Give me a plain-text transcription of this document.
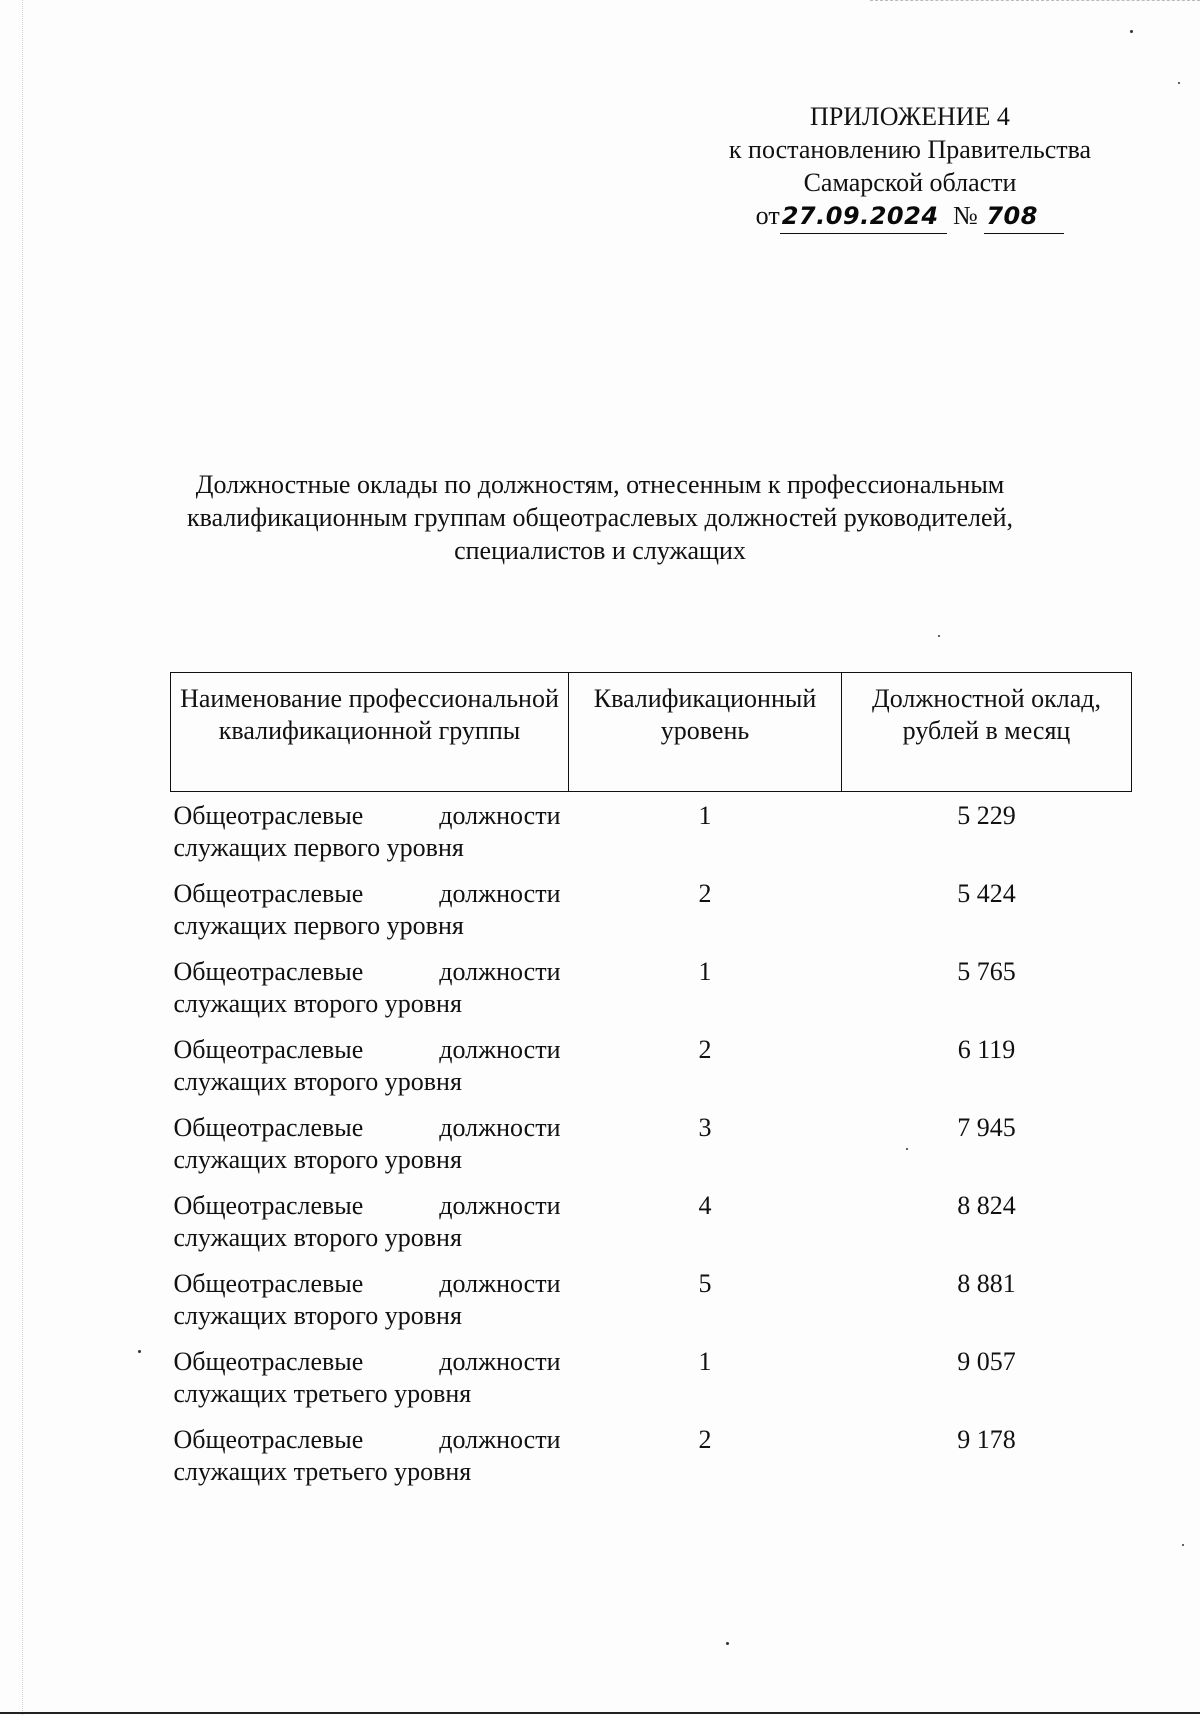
ПРИЛОЖЕНИЕ 4
к постановлению Правительства
Самарской области
от27.09.2024 № 708
Должностные оклады по должностям, отнесенным к профессиональным
квалификационным группам общеотраслевых должностей руководителей,
специалистов и служащих
Наименование профессиональной квалификационной группы	Квалификационный уровень	Должностной оклад, рублей в месяц
Общеотраслевые должности служащих первого уровня	1	5 229
Общеотраслевые должности служащих первого уровня	2	5 424
Общеотраслевые должности служащих второго уровня	1	5 765
Общеотраслевые должности служащих второго уровня	2	6 119
Общеотраслевые должности служащих второго уровня	3	7 945
Общеотраслевые должности служащих второго уровня	4	8 824
Общеотраслевые должности служащих второго уровня	5	8 881
Общеотраслевые должности служащих третьего уровня	1	9 057
Общеотраслевые должности служащих третьего уровня	2	9 178
